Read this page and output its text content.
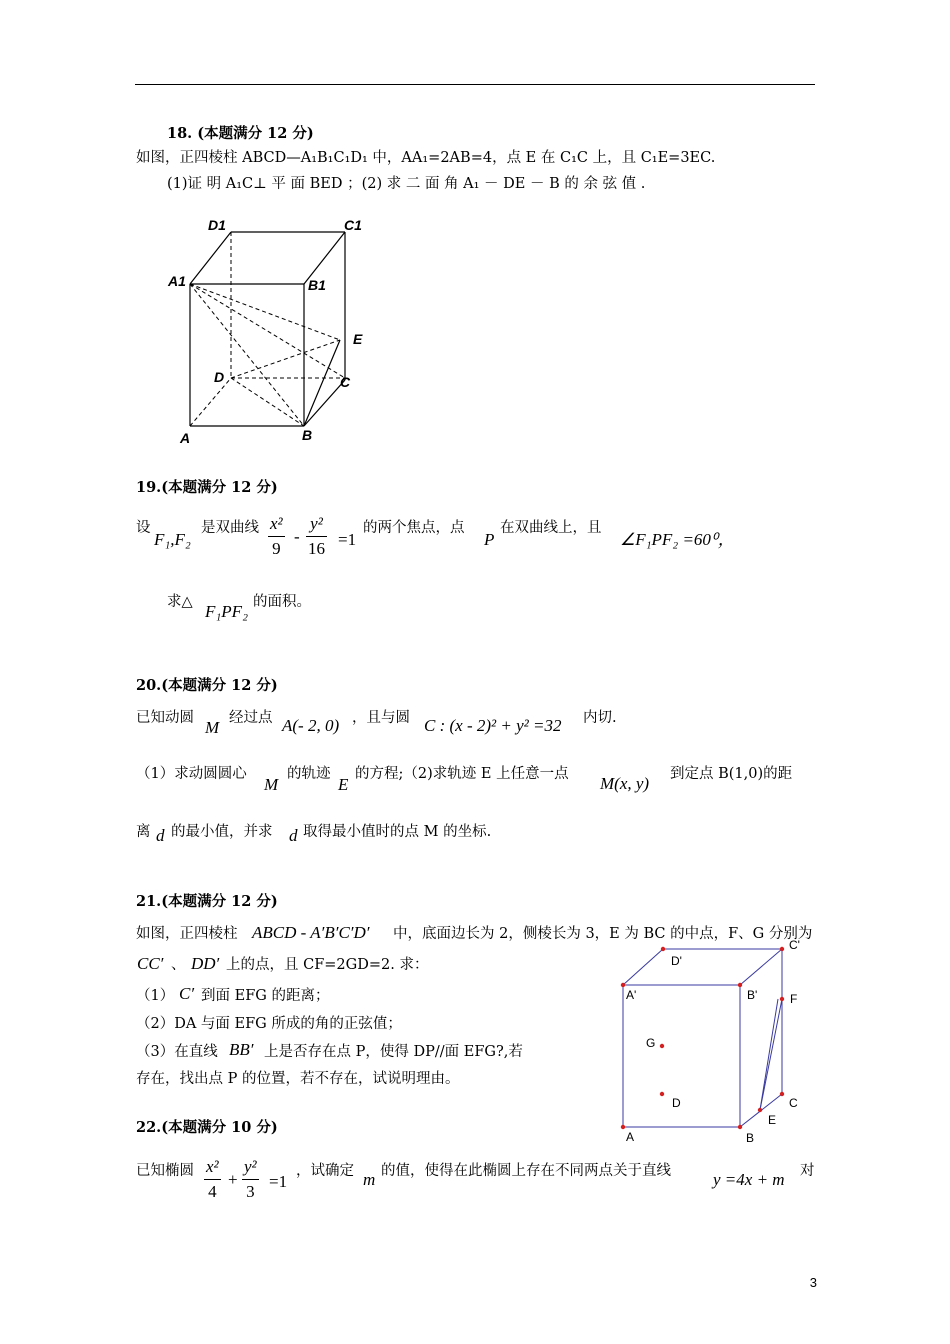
18. (本题满分 12 分)
如图，正四棱柱 ABCD—A₁B₁C₁D₁ 中，AA₁=2AB=4，点 E 在 C₁C 上，且 C₁E=3EC.
(1)证 明 A₁C⊥ 平 面 BED ；(2) 求 二 面 角 A₁ － DE － B 的 余 弦 值 .
D1	C1
A1	B1
E
D	C
A	B
19.(本题满分 12 分)
设
F₁,F₂
是双曲线 x²
9
-
y²
16 =1
的两个焦点，点
P
在双曲线上，且
∠F₁PF₂ =60⁰，
求△ F₁PF₂ 的面积。
20.(本题满分 12 分)
已知动圆 M 经过点 A(- 2, 0) ，且与圆 C : (x - 2)² + y² =32 内切.
（1）求动圆圆心
M
的轨迹
E
的方程;（2)求轨迹 E 上任意一点 M(x, y) 到定点 B(1,0)的距
离 d 的最小值，并求 d 取得最小值时的点 M 的坐标.
21.(本题满分 12 分)
如图，正四棱柱 ABCD - A′B′C′D′ 中，底面边长为 2，侧棱长为 3，E 为 BC 的中点，F、G 分别为
CC′ 、 DD′ 上的点，且 CF=2GD=2. 求：
（1） C′ 到面 EFG 的距离；
（2）DA 与面 EFG 所成的角的正弦值；
（3）在直线 BB′ 上是否存在点 P，使得 DP//面 EFG?,若
存在，找出点 P 的位置，若不存在，试说明理由。
C'
D'
A'	B'	F
G
D	C
E
A	B
22.(本题满分 10 分)
已知椭圆 x²
4
+
y²
3
=1
，试确定 m 的值，使得在此椭圆上存在不同两点关于直线 y =4x + m 对
3
